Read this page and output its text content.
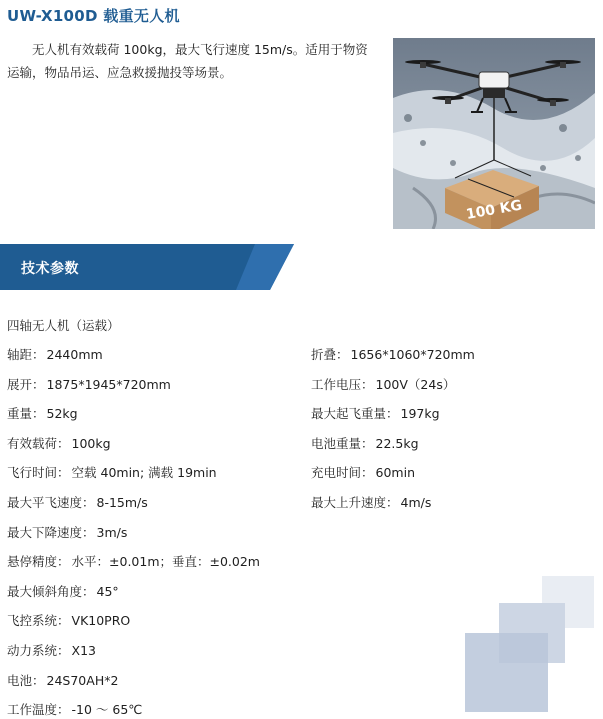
UW-X100D 载重无人机

无人机有效载荷 100kg，最大飞行速度 15m/s。适用于物资运输，物品吊运、应急救援抛投等场景。

100 KG
技术参数
四轴无人机（运载）
轴距： 2440mm
展开： 1875*1945*720mm
重量： 52kg
有效载荷： 100kg
飞行时间： 空载 40min; 满载 19min
最大平飞速度： 8-15m/s
最大下降速度： 3m/s
悬停精度： 水平：±0.01m；垂直：±0.02m
最大倾斜角度： 45°
飞控系统： VK10PRO
动力系统： X13
电池： 24S70AH*2
工作温度： -10 ～ 65℃
折叠： 1656*1060*720mm
工作电压： 100V（24s）
最大起飞重量： 197kg
电池重量： 22.5kg
充电时间： 60min
最大上升速度： 4m/s
